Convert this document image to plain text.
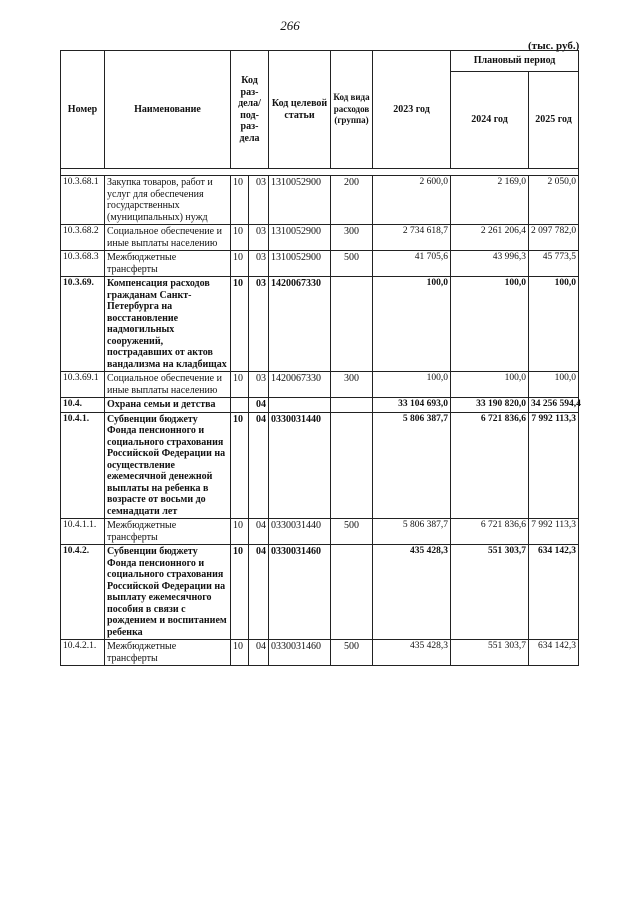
266
(тыс. руб.)
Номер	Наименование	Код раз-дела/ под-раз-дела		Код целевой статьи	Код вида расходов (группа)	2023 год	Плановый период	
							2024 год	2025 год

10.3.68.1	Закупка товаров, работ и услуг для обеспечения государственных (муниципальных) нужд	10	03	1310052900	200	2 600,0	2 169,0	2 050,0
10.3.68.2	Социальное обеспечение и иные выплаты населению	10	03	1310052900	300	2 734 618,7	2 261 206,4	2 097 782,0
10.3.68.3	Межбюджетные трансферты	10	03	1310052900	500	41 705,6	43 996,3	45 773,5
10.3.69.	Компенсация расходов гражданам Санкт-Петербурга на восстановление надмогильных сооружений, пострадавших от актов вандализма на кладбищах	10	03	1420067330		100,0	100,0	100,0
10.3.69.1	Социальное обеспечение и иные выплаты населению	10	03	1420067330	300	100,0	100,0	100,0
10.4.	Охрана семьи и детства		04			33 104 693,0	33 190 820,0	34 256 594,4
10.4.1.	Субвенции бюджету Фонда пенсионного и социального страхования Российской Федерации на осуществление ежемесячной денежной выплаты на ребенка в возрасте от восьми до семнадцати лет	10	04	0330031440		5 806 387,7	6 721 836,6	7 992 113,3
10.4.1.1.	Межбюджетные трансферты	10	04	0330031440	500	5 806 387,7	6 721 836,6	7 992 113,3
10.4.2.	Субвенции бюджету Фонда пенсионного и социального страхования Российской Федерации на выплату ежемесячного пособия в связи с рождением и воспитанием ребенка	10	04	0330031460		435 428,3	551 303,7	634 142,3
10.4.2.1.	Межбюджетные трансферты	10	04	0330031460	500	435 428,3	551 303,7	634 142,3
